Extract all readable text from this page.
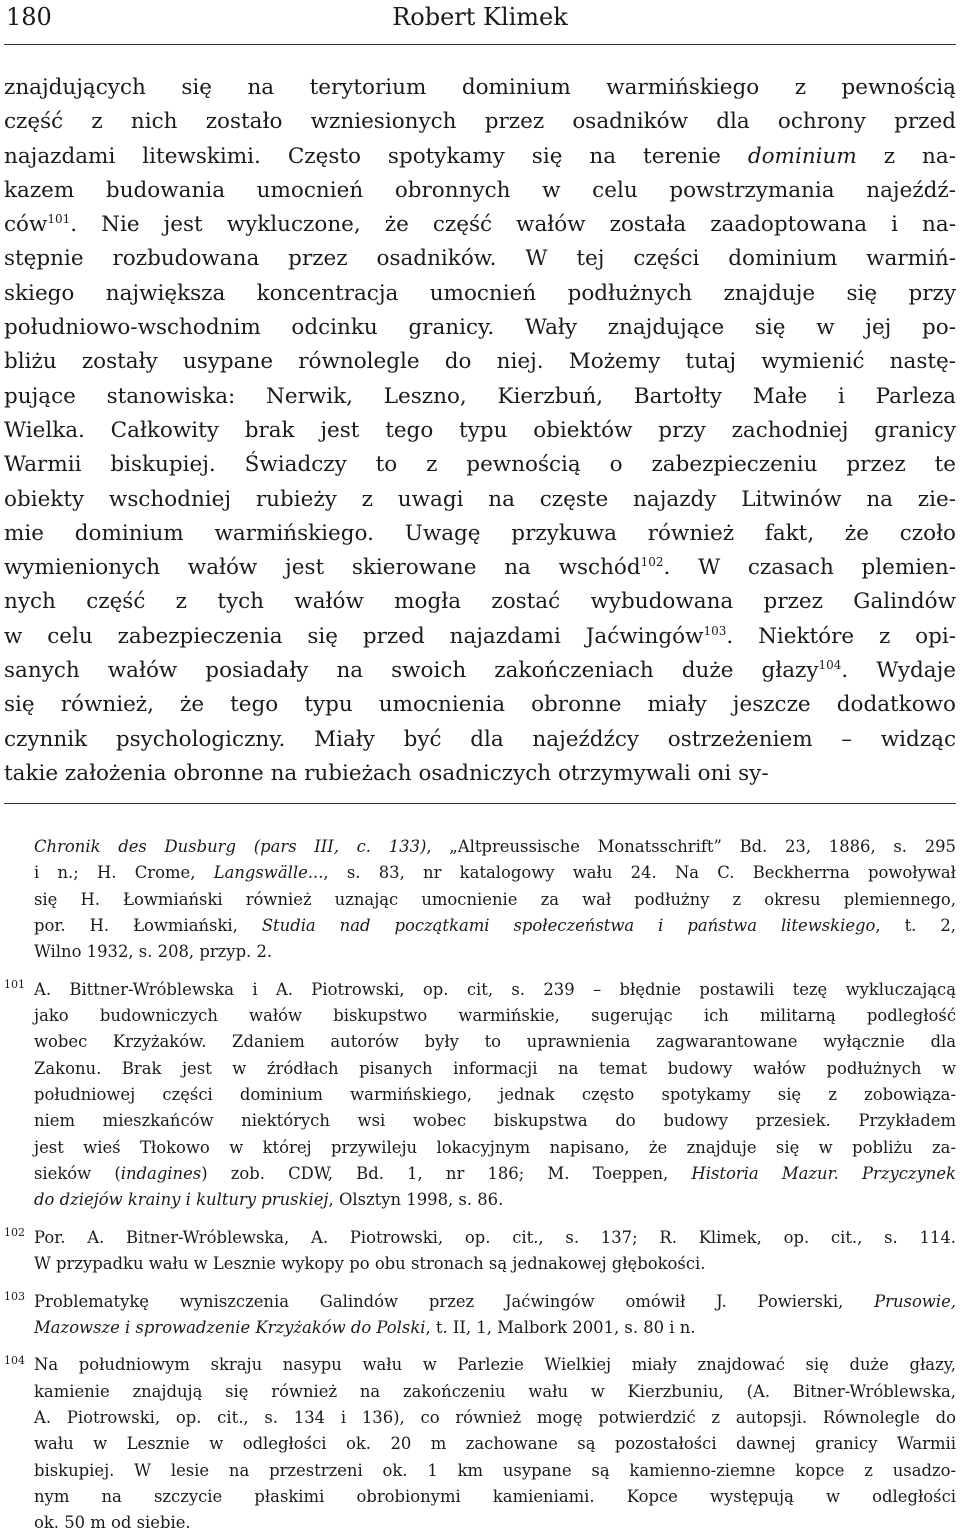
180	Robert Klimek
znajdujących się na terytorium dominium warmińskiego z pewnością
część z nich zostało wzniesionych przez osadników dla ochrony przed
najazdami litewskimi. Często spotykamy się na terenie dominium z na-
kazem budowania umocnień obronnych w celu powstrzymania najeźdź-
ców$^{101}$. Nie jest wykluczone, że część wałów została zaadoptowana i na-
stępnie rozbudowana przez osadników. W tej części dominium warmiń-
skiego największa koncentracja umocnień podłużnych znajduje się przy
południowo-wschodnim odcinku granicy. Wały znajdujące się w jej po-
bliżu zostały usypane równolegle do niej. Możemy tutaj wymienić nastę-
pujące stanowiska: Nerwik, Leszno, Kierzbuń, Bartołty Małe i Parleza
Wielka. Całkowity brak jest tego typu obiektów przy zachodniej granicy
Warmii biskupiej. Świadczy to z pewnością o zabezpieczeniu przez te
obiekty wschodniej rubieży z uwagi na częste najazdy Litwinów na zie-
mie dominium warmińskiego. Uwagę przykuwa również fakt, że czoło
wymienionych wałów jest skierowane na wschód$^{102}$. W czasach plemien-
nych część z tych wałów mogła zostać wybudowana przez Galindów
w celu zabezpieczenia się przed najazdami Jaćwingów$^{103}$. Niektóre z opi-
sanych wałów posiadały na swoich zakończeniach duże głazy$^{104}$. Wydaje
się również, że tego typu umocnienia obronne miały jeszcze dodatkowo
czynnik psychologiczny. Miały być dla najeźdźcy ostrzeżeniem – widząc
takie założenia obronne na rubieżach osadniczych otrzymywali oni sy-
Chronik des Dusburg (pars III, c. 133), „Altpreussische Monatsschrift” Bd. 23, 1886, s. 295
i n.; H. Crome, Langswälle..., s. 83, nr katalogowy wału 24. Na C. Beckherrna powoływał
się H. Łowmiański również uznając umocnienie za wał podłużny z okresu plemiennego,
por. H. Łowmiański, Studia nad początkami społeczeństwa i państwa litewskiego, t. 2,
Wilno 1932, s. 208, przyp. 2.
101 A. Bittner-Wróblewska i A. Piotrowski, op. cit, s. 239 – błędnie postawili tezę wykluczającą
jako budowniczych wałów biskupstwo warmińskie, sugerując ich militarną podległość
wobec Krzyżaków. Zdaniem autorów były to uprawnienia zagwarantowane wyłącznie dla
Zakonu. Brak jest w źródłach pisanych informacji na temat budowy wałów podłużnych w
południowej części dominium warmińskiego, jednak często spotykamy się z zobowiąza-
niem mieszkańców niektórych wsi wobec biskupstwa do budowy przesiek. Przykładem
jest wieś Tłokowo w której przywileju lokacyjnym napisano, że znajduje się w pobliżu za-
sieków (indagines) zob. CDW, Bd. 1, nr 186; M. Toeppen, Historia Mazur. Przyczynek
do dziejów krainy i kultury pruskiej, Olsztyn 1998, s. 86.
102 Por. A. Bitner-Wróblewska, A. Piotrowski, op. cit., s. 137; R. Klimek, op. cit., s. 114.
W przypadku wału w Lesznie wykopy po obu stronach są jednakowej głębokości.
103 Problematykę wyniszczenia Galindów przez Jaćwingów omówił J. Powierski, Prusowie,
Mazowsze i sprowadzenie Krzyżaków do Polski, t. II, 1, Malbork 2001, s. 80 i n.
104 Na południowym skraju nasypu wału w Parlezie Wielkiej miały znajdować się duże głazy,
kamienie znajdują się również na zakończeniu wału w Kierzbuniu, (A. Bitner-Wróblewska,
A. Piotrowski, op. cit., s. 134 i 136), co również mogę potwierdzić z autopsji. Równolegle do
wału w Lesznie w odległości ok. 20 m zachowane są pozostałości dawnej granicy Warmii
biskupiej. W lesie na przestrzeni ok. 1 km usypane są kamienno-ziemne kopce z usadzo-
nym na szczycie płaskimi obrobionymi kamieniami. Kopce występują w odległości
ok. 50 m od siebie.
